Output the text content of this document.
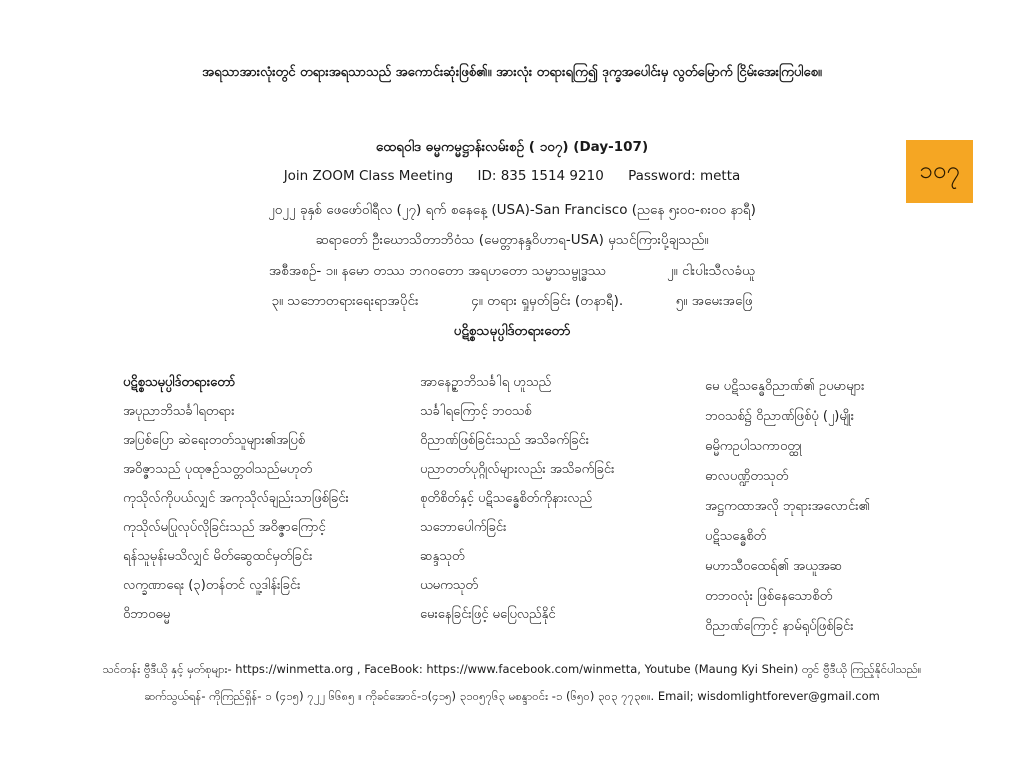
အရသာအားလုံးတွင် တရားအရသာသည် အကောင်းဆုံးဖြစ်၏။ အားလုံး တရားရကြ၍ ဒုက္ခအပေါင်းမှ လွတ်မြောက် ငြိမ်းအေးကြပါစေ။
ထေရဝါဒ ဓမ္မကမ္မဋ္ဌာန်းလမ်းစဉ် ( ၁၀၇) (Day-107)
Join ZOOM Class Meeting ID: 835 1514 9210 Password: metta
၂၀၂၂ ခုနှစ် ဖေဖော်ဝါရီလ (၂၇) ရက် စနေနေ့ (USA)-San Francisco (ညနေ ၅း၀၀-၈း၀၀ နာရီ)
ဆရာတော် ဦးဃောသိတာဘိဝံသ (မေတ္တာနန္ဒဝိဟာရ-USA) မှသင်ကြားပို့ချသည်။
အစီအစဥ်- ၁။ နမော တဿ ဘဂဝတော အရဟတော သမ္မာသမ္ဗုဒ္ဓဿ	၂။ ငါးပါးသီလခံယူ
၃။ သဘောတရားရေးရာအပိုင်း	၄။ တရား ရှုမှတ်ခြင်း (တနာရီ).	၅။ အမေးအဖြေ
ပဋိစ္စသမုပ္ပါဒ်တရားတော်
၁၀၇
ပဋိစ္စသမုပ္ပါဒ်တရားတော်
အပုညာဘိသင်္ခါရတရား
အပြစ်ပြော ဆဲရေးတတ်သူများ၏အပြစ်
အဝိဇ္ဇာသည် ပုထုဇဥ်သတ္တဝါသည်မဟုတ်
ကုသိုလ်ကိုပယ်လျှင် အကုသိုလ်ချည်းသာဖြစ်ခြင်း
ကုသိုလ်မပြုလုပ်လိုခြင်းသည် အဝိဇ္ဇာကြောင့်
ရန်သူမုန်းမသိလျှင် မိတ်ဆွေထင်မှတ်ခြင်း
လက္ခဏာရေး (၃)တန်တင် လူ့ဒါန်းခြင်း
ဝိဘာဝဓမ္မ
အာနေဉ္ဇာဘိသင်္ခါရ ဟူသည်
သင်္ခါရကြောင့် ဘဝသစ်
ဝိညာဏ်ဖြစ်ခြင်းသည် အသိခက်ခြင်း
ပညာတတ်ပုဂ္ဂိုလ်များလည်း အသိခက်ခြင်း
စုတိစိတ်နှင့် ပဋိသန္ဓေစိတ်ကိုနားလည်
သဘောပေါက်ခြင်း
ဆန္ဒသုတ်
ယမကသုတ်
မေးနေခြင်းဖြင့် မပြေလည်နိုင်
မေ ပဋိသန္ဓေဝိညာဏ်၏ ဥပမာများ
ဘဝသစ်၌ ဝိညာဏ်ဖြစ်ပုံ (၂)မျိုး
ဓမ္မိကဥပါသကာဝတ္ထု
ဓာလပဏ္ဍိတသုတ်
အဋ္ဌကထာအလို ဘုရားအလောင်း၏
ပဋိသန္ဓေစိတ်
မဟာသီဝထေရ်၏ အယူအဆ
တဘဝလုံး ဖြစ်နေသောစိတ်
ဝိညာဏ်ကြောင့် နာမ်ရုပ်ဖြစ်ခြင်း
သင်တန်း ဗွီဒီယို နှင့် မှတ်စုများ- https://winmetta.org , FaceBook: https://www.facebook.com/winmetta, Youtube (Maung Kyi Shein) တွင် ဗွီဒီယို ကြည့်နိုင်ပါသည်။
ဆက်သွယ်ရန်- ကိုကြည်ရှိန်- ၁ (၄၁၅) ၇၂၂ ၆၆၈၅ ။ ကိုခင်အောင်-၁(၄၁၅) ၃၁၀၅၇၆၃ မစန္ဒာဝင်း -၁ (၆၅၀) ၃၀၃ ၇၇၃၈။. Email; wisdomlightforever@gmail.com
